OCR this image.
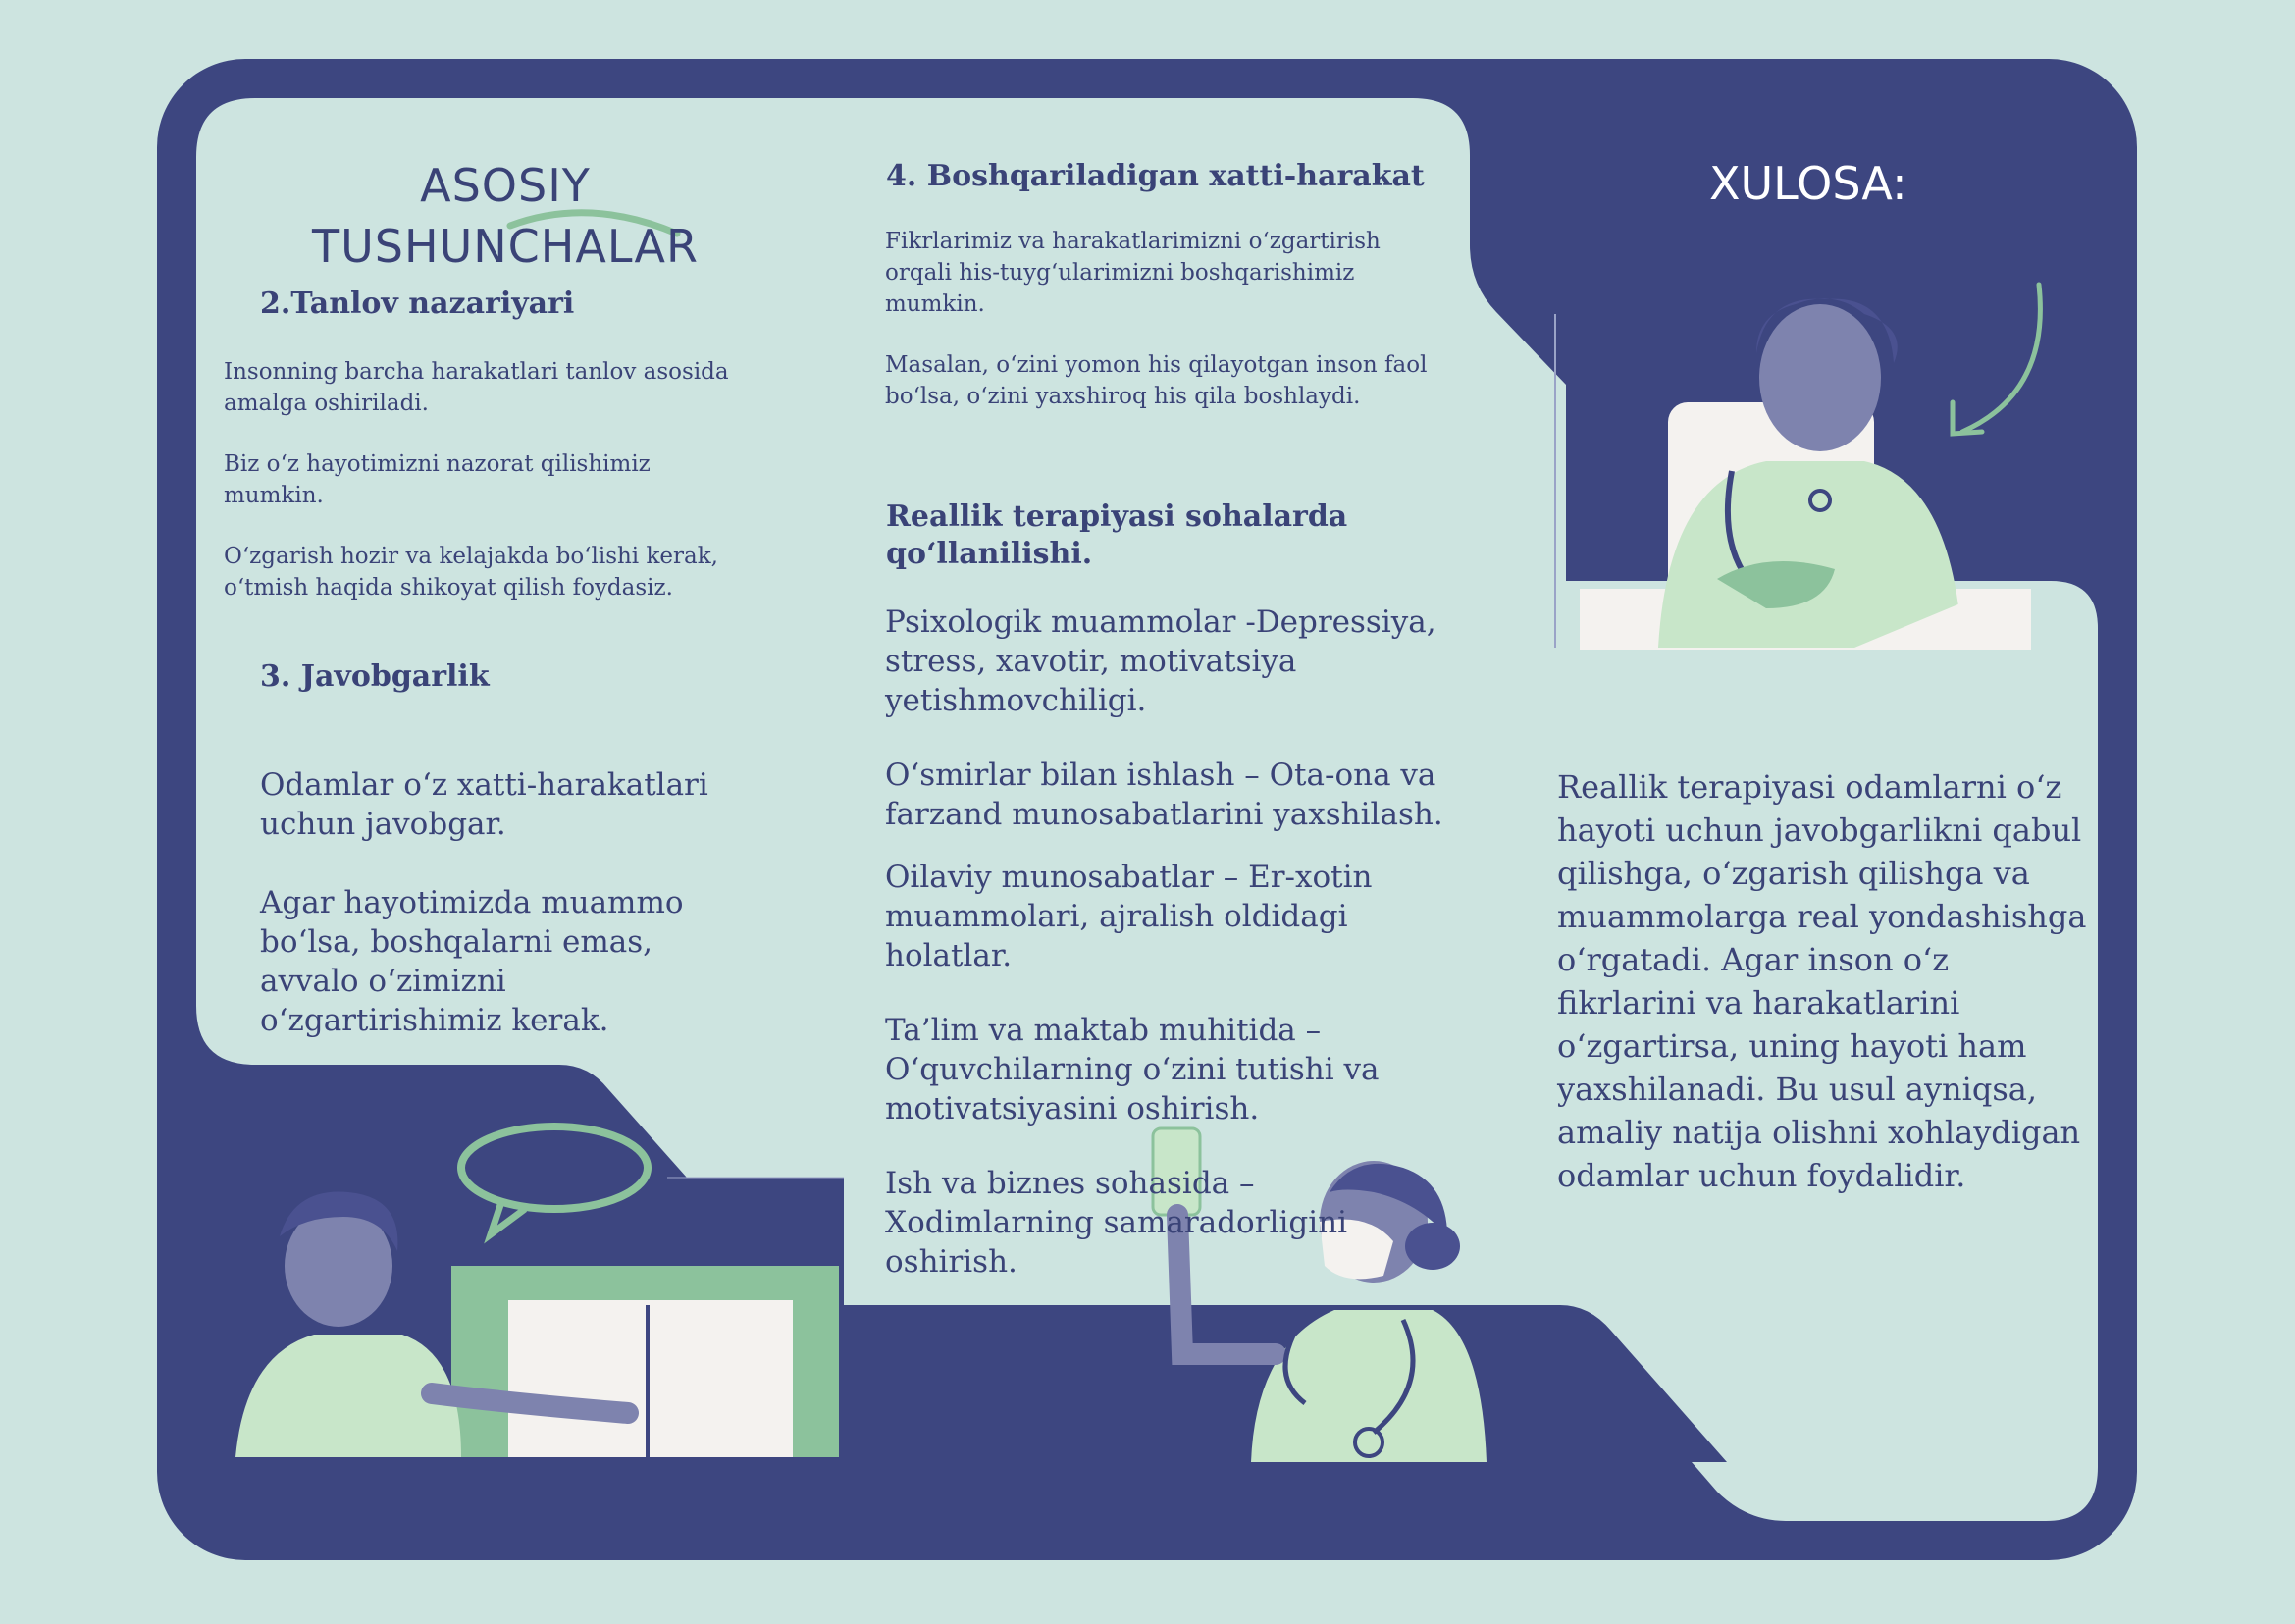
ASOSIY
TUSHUNCHALAR
2.Tanlov nazariyari

Insonning barcha harakatlari tanlov asosida amalga oshiriladi.

Biz o‘z hayotimizni nazorat qilishimiz mumkin.

O‘zgarish hozir va kelajakda bo‘lishi kerak, o‘tmish haqida shikoyat qilish foydasiz.

3. Javobgarlik

Odamlar o‘z xatti-harakatlari uchun javobgar.

Agar hayotimizda muammo bo‘lsa, boshqalarni emas, avvalo o‘zimizni o‘zgartirishimiz kerak.

4. Boshqariladigan xatti-harakat

Fikrlarimiz va harakatlarimizni o‘zgartirish orqali his-tuyg‘ularimizni boshqarishimiz mumkin.

Masalan, o‘zini yomon his qilayotgan inson faol bo‘lsa, o‘zini yaxshiroq his qila boshlaydi.

Reallik terapiyasi sohalarda qo‘llanilishi.

Psixologik muammolar -Depressiya, stress, xavotir, motivatsiya yetishmovchiligi.

O‘smirlar bilan ishlash – Ota-ona va farzand munosabatlarini yaxshilash.

Oilaviy munosabatlar – Er-xotin muammolari, ajralish oldidagi holatlar.

Ta’lim va maktab muhitida – O‘quvchilarning o‘zini tutishi va motivatsiyasini oshirish.

Ish va biznes sohasida – Xodimlarning samaradorligini oshirish.

XULOSA:
Reallik terapiyasi odamlarni o‘z hayoti uchun javobgarlikni qabul qilishga, o‘zgarish qilishga va muammolarga real yondashishga o‘rgatadi. Agar inson o‘z fikrlarini va harakatlarini o‘zgartirsa, uning hayoti ham yaxshilanadi. Bu usul ayniqsa, amaliy natija olishni xohlaydigan odamlar uchun foydalidir.
